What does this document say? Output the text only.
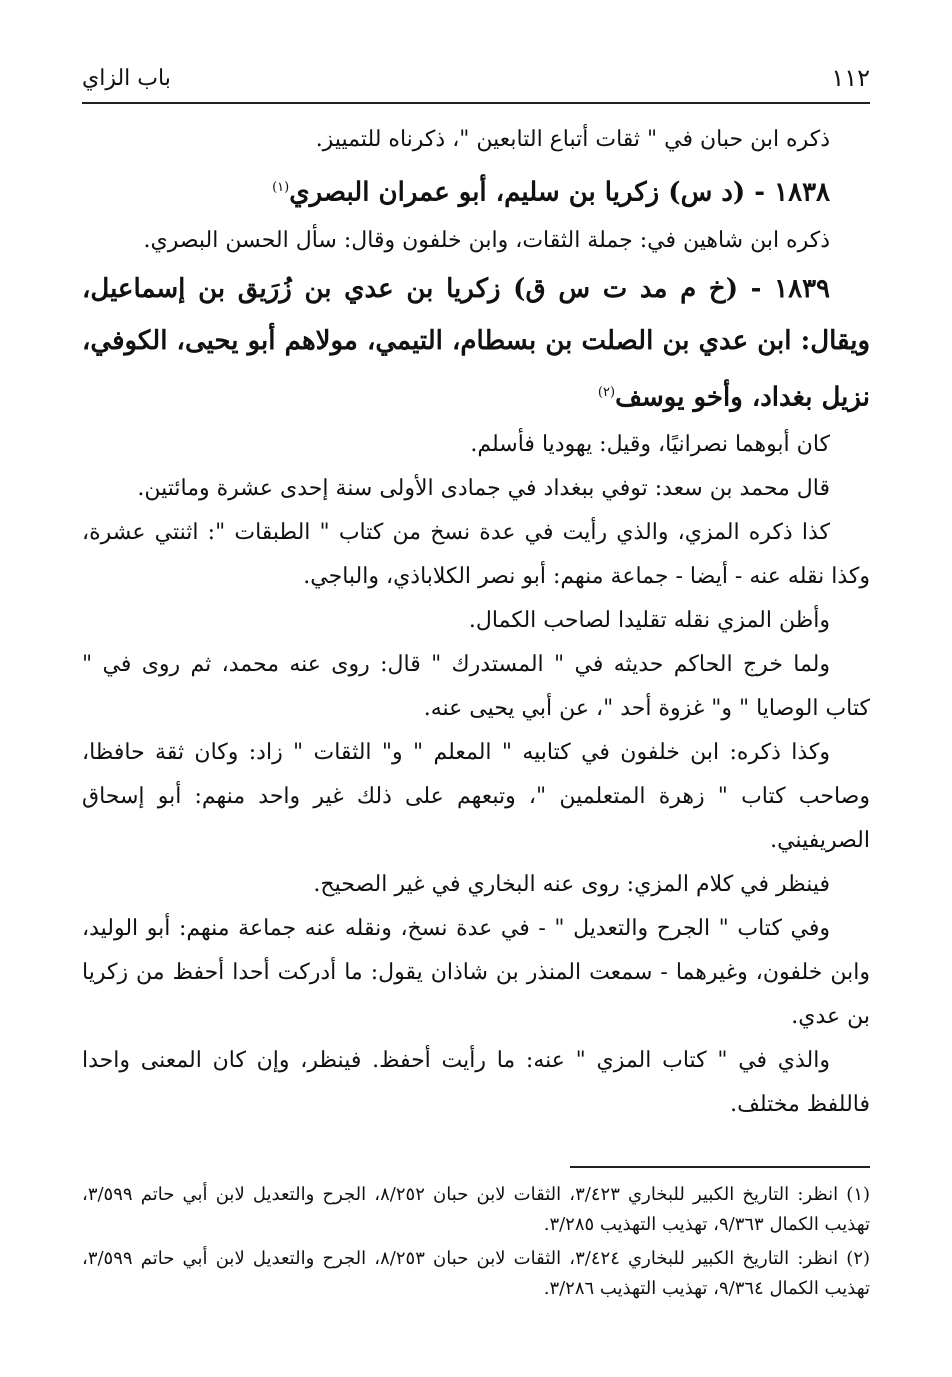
١١٢
باب الزاي

ذكره ابن حبان في " ثقات أتباع التابعين "، ذكرناه للتمييز.

١٨٣٨ - (د س) زكريا بن سليم، أبو عمران البصري$^{(١)}$

ذكره ابن شاهين في: جملة الثقات، وابن خلفون وقال: سأل الحسن البصري.

١٨٣٩ - (خ م مد ت س ق) زكريا بن عدي بن زُرَيق بن إسماعيل، ويقال: ابن عدي بن الصلت بن بسطام، التيمي، مولاهم أبو يحيى، الكوفي، نزيل بغداد، وأخو يوسف$^{(٢)}$

كان أبوهما نصرانيًا، وقيل: يهوديا فأسلم.

قال محمد بن سعد: توفي ببغداد في جمادى الأولى سنة إحدى عشرة ومائتين.

كذا ذكره المزي، والذي رأيت في عدة نسخ من كتاب " الطبقات ": اثنتي عشرة، وكذا نقله عنه - أيضا - جماعة منهم: أبو نصر الكلاباذي، والباجي.

وأظن المزي نقله تقليدا لصاحب الكمال.

ولما خرج الحاكم حديثه في " المستدرك " قال: روى عنه محمد، ثم روى في " كتاب الوصايا " و" غزوة أحد "، عن أبي يحيى عنه.

وكذا ذكره: ابن خلفون في كتابيه " المعلم " و" الثقات " زاد: وكان ثقة حافظا، وصاحب كتاب " زهرة المتعلمين "، وتبعهم على ذلك غير واحد منهم: أبو إسحاق الصريفيني.

فينظر في كلام المزي: روى عنه البخاري في غير الصحيح.

وفي كتاب " الجرح والتعديل " - في عدة نسخ، ونقله عنه جماعة منهم: أبو الوليد، وابن خلفون، وغيرهما - سمعت المنذر بن شاذان يقول: ما أدركت أحدا أحفظ من زكريا بن عدي.

والذي في " كتاب المزي " عنه: ما رأيت أحفظ. فينظر، وإن كان المعنى واحدا فاللفظ مختلف.

(١) انظر: التاريخ الكبير للبخاري ٣/٤٢٣، الثقات لابن حبان ٨/٢٥٢، الجرح والتعديل لابن أبي حاتم ٣/٥٩٩، تهذيب الكمال ٩/٣٦٣، تهذيب التهذيب ٣/٢٨٥.

(٢) انظر: التاريخ الكبير للبخاري ٣/٤٢٤، الثقات لابن حبان ٨/٢٥٣، الجرح والتعديل لابن أبي حاتم ٣/٥٩٩، تهذيب الكمال ٩/٣٦٤، تهذيب التهذيب ٣/٢٨٦.
